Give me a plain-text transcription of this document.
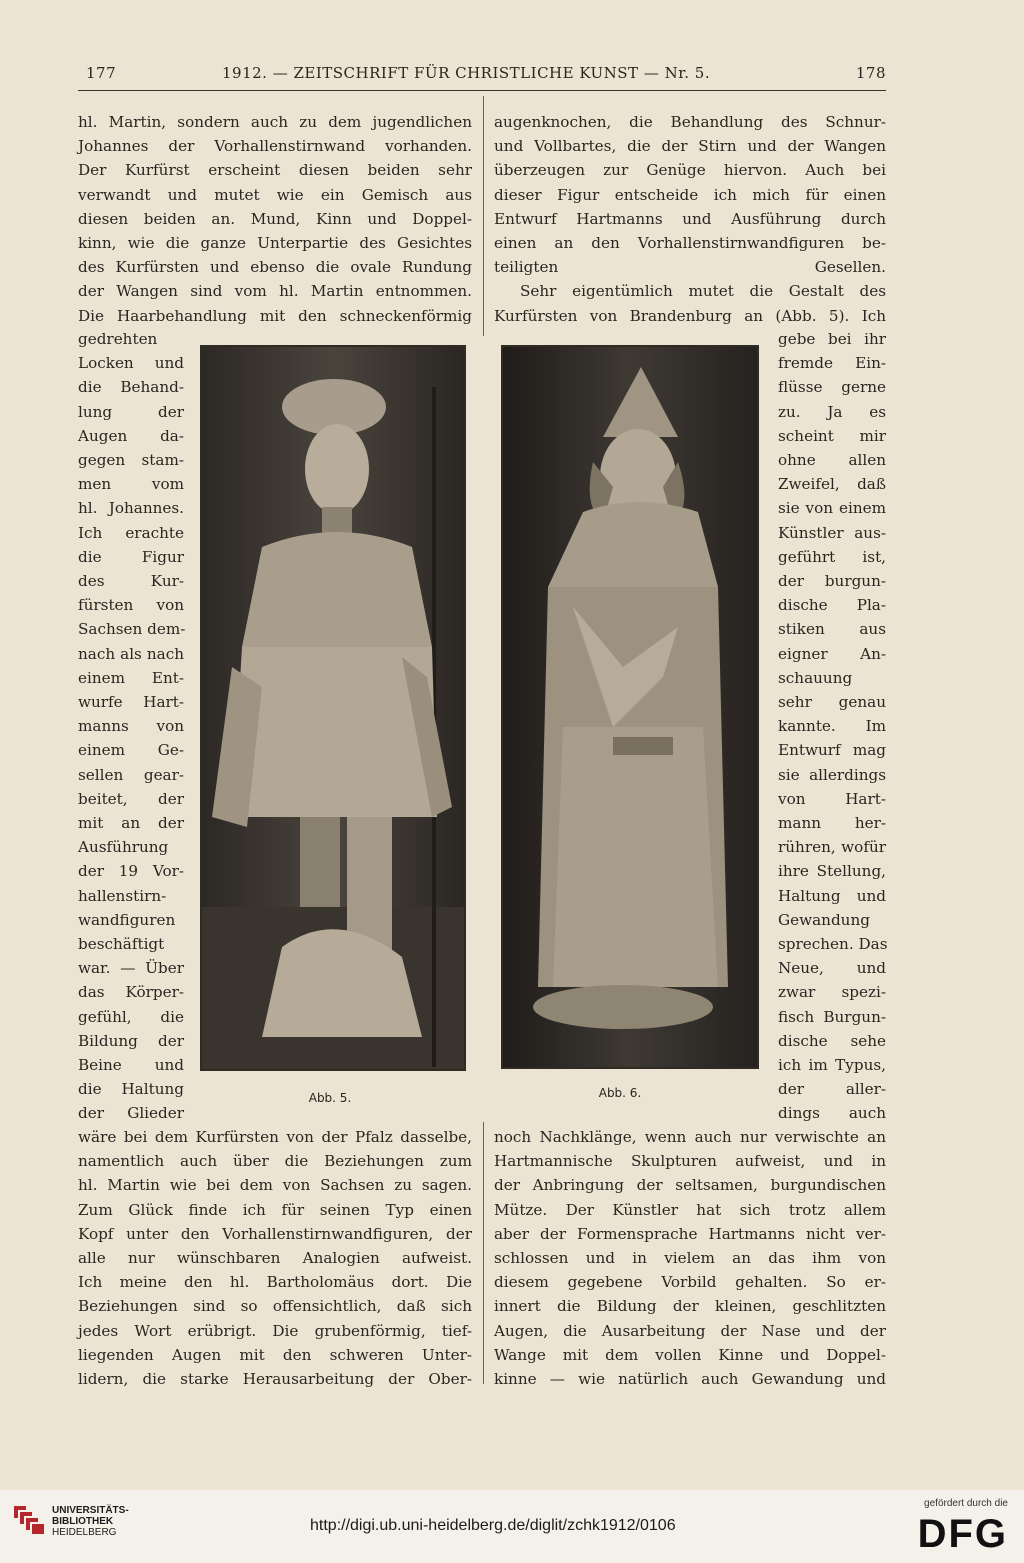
177	1912. — ZEITSCHRIFT FÜR CHRISTLICHE KUNST — Nr. 5.	178
hl. Martin, sondern auch zu dem jugendlichen
Johannes der Vorhallenstirnwand vorhanden.
Der Kurfürst erscheint diesen beiden sehr
verwandt und mutet wie ein Gemisch aus
diesen beiden an. Mund, Kinn und Doppel-
kinn, wie die ganze Unterpartie des Gesichtes
des Kurfürsten und ebenso die ovale Rundung
der Wangen sind vom hl. Martin entnommen.
Die Haarbehandlung mit den schneckenförmig
gedrehten
Locken und
die Behand-
lung der
Augen da-
gegen stam-
men vom
hl. Johannes.
Ich erachte
die Figur
des Kur-
fürsten von
Sachsen dem-
nach als nach
einem Ent-
wurfe Hart-
manns von
einem Ge-
sellen gear-
beitet, der
mit an der
Ausführung
der 19 Vor-
hallenstirn-
wandfiguren
beschäftigt
war. — Über
das Körper-
gefühl, die
Bildung der
Beine und
die Haltung
der Glieder
wäre bei dem Kurfürsten von der Pfalz dasselbe,
namentlich auch über die Beziehungen zum
hl. Martin wie bei dem von Sachsen zu sagen.
Zum Glück finde ich für seinen Typ einen
Kopf unter den Vorhallenstirnwandfiguren, der
alle nur wünschbaren Analogien aufweist.
Ich meine den hl. Bartholomäus dort. Die
Beziehungen sind so offensichtlich, daß sich
jedes Wort erübrigt. Die grubenförmig, tief-
liegenden Augen mit den schweren Unter-
lidern, die starke Herausarbeitung der Ober-
augenknochen, die Behandlung des Schnur-
und Vollbartes, die der Stirn und der Wangen
überzeugen zur Genüge hiervon. Auch bei
dieser Figur entscheide ich mich für einen
Entwurf Hartmanns und Ausführung durch
einen an den Vorhallenstirnwandfiguren be-
teiligten Gesellen.
Sehr eigentümlich mutet die Gestalt des
Kurfürsten von Brandenburg an (Abb. 5). Ich
gebe bei ihr
fremde Ein-
flüsse gerne
zu. Ja es
scheint mir
ohne allen
Zweifel, daß
sie von einem
Künstler aus-
geführt ist,
der burgun-
dische Pla-
stiken aus
eigner An-
schauung
sehr genau
kannte. Im
Entwurf mag
sie allerdings
von Hart-
mann her-
rühren, wofür
ihre Stellung,
Haltung und
Gewandung
sprechen. Das
Neue, und
zwar spezi-
fisch Burgun-
dische sehe
ich im Typus,
der aller-
dings auch
noch Nachklänge, wenn auch nur verwischte an
Hartmannische Skulpturen aufweist, und in
der Anbringung der seltsamen, burgundischen
Mütze. Der Künstler hat sich trotz allem
aber der Formensprache Hartmanns nicht ver-
schlossen und in vielem an das ihm von
diesem gegebene Vorbild gehalten. So er-
innert die Bildung der kleinen, geschlitzten
Augen, die Ausarbeitung der Nase und der
Wange mit dem vollen Kinne und Doppel-
kinne — wie natürlich auch Gewandung und
Abb. 5.	Abb. 6.
UNIVERSITÄTS-
BIBLIOTHEK
HEIDELBERG	http://digi.ub.uni-heidelberg.de/diglit/zchk1912/0106
gefördert durch die
DFG
